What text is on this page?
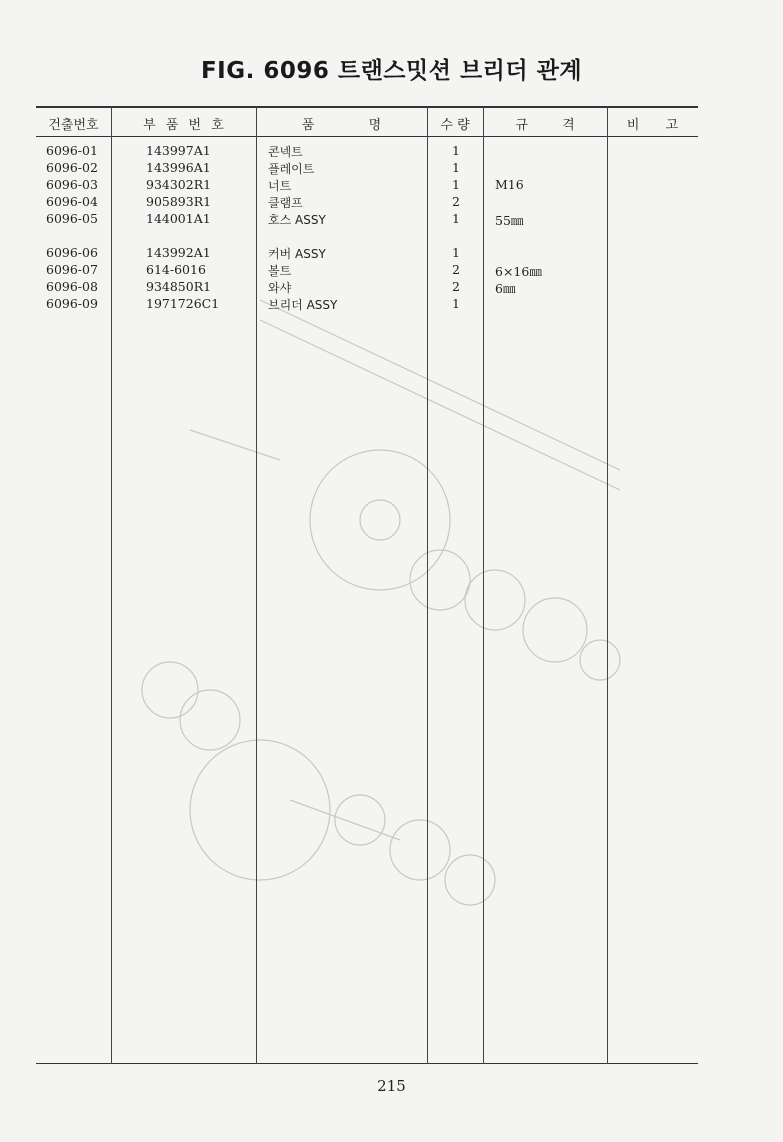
FIG. 6096 트랜스밋션 브리더 관계
건출번호	부 품 번 호	품 명	수 량	규 격	비 고
6096-01	143997A1	콘넥트	1
6096-02	143996A1	플레이트	1
6096-03	934302R1	너트	1	M16
6096-04	905893R1	클램프	2
6096-05	144001A1	호스 ASSY	1	55㎜
6096-06	143992A1	커버 ASSY	1
6096-07	614-6016	볼트	2	6×16㎜
6096-08	934850R1	와샤	2	6㎜
6096-09	1971726C1	브리더 ASSY	1
215
